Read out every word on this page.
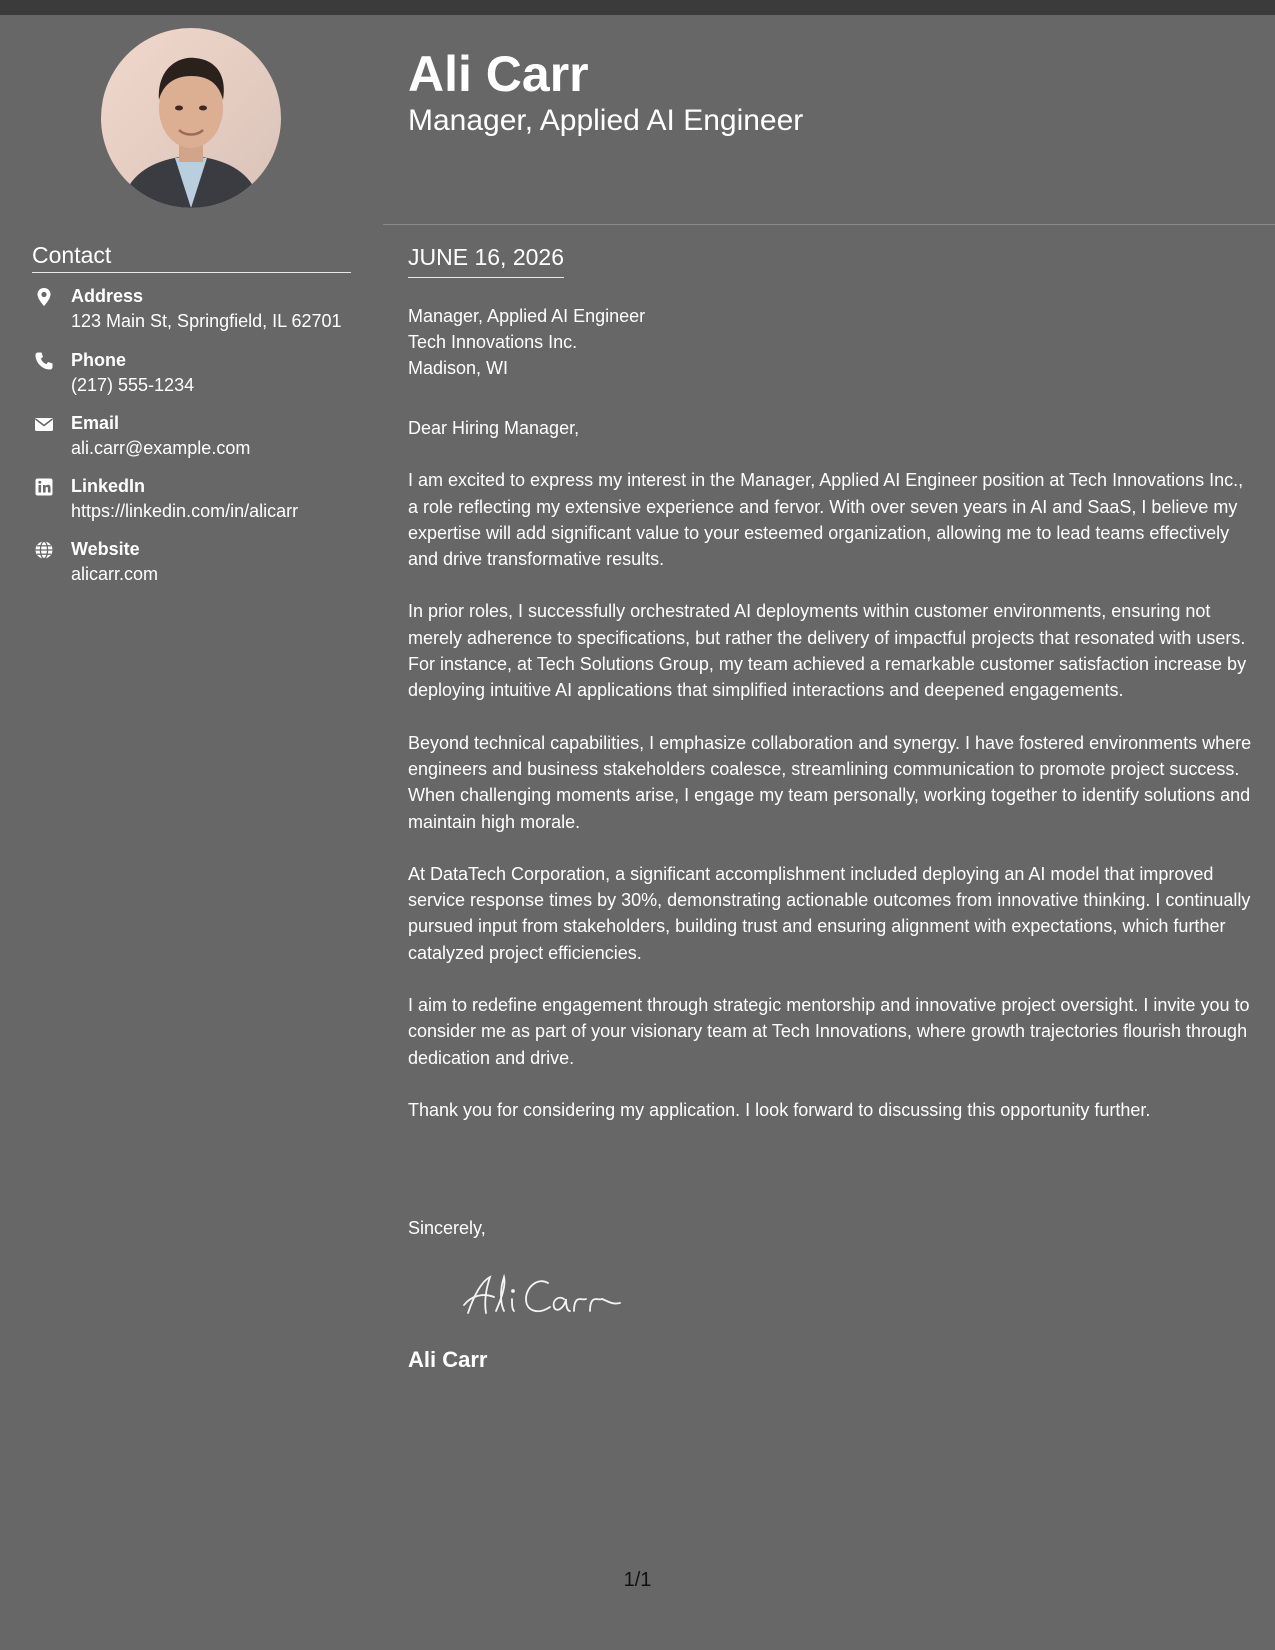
Contact
Address
123 Main St, Springfield, IL 62701
Phone
(217) 555-1234
Email
ali.carr@example.com
LinkedIn
https://linkedin.com/in/alicarr
Website
alicarr.com
Ali Carr
Manager, Applied AI Engineer
JUNE 16, 2026
Manager, Applied AI Engineer
Tech Innovations Inc.
Madison, WI
Dear Hiring Manager,

I am excited to express my interest in the Manager, Applied AI Engineer position at Tech Innovations Inc., a role reflecting my extensive experience and fervor. With over seven years in AI and SaaS, I believe my expertise will add significant value to your esteemed organization, allowing me to lead teams effectively and drive transformative results.

In prior roles, I successfully orchestrated AI deployments within customer environments, ensuring not merely adherence to specifications, but rather the delivery of impactful projects that resonated with users. For instance, at Tech Solutions Group, my team achieved a remarkable customer satisfaction increase by deploying intuitive AI applications that simplified interactions and deepened engagements.

Beyond technical capabilities, I emphasize collaboration and synergy. I have fostered environments where engineers and business stakeholders coalesce, streamlining communication to promote project success. When challenging moments arise, I engage my team personally, working together to identify solutions and maintain high morale.

At DataTech Corporation, a significant accomplishment included deploying an AI model that improved service response times by 30%, demonstrating actionable outcomes from innovative thinking. I continually pursued input from stakeholders, building trust and ensuring alignment with expectations, which further catalyzed project efficiencies.

I aim to redefine engagement through strategic mentorship and innovative project oversight. I invite you to consider me as part of your visionary team at Tech Innovations, where growth trajectories flourish through dedication and drive.

Thank you for considering my application. I look forward to discussing this opportunity further.

Sincerely,
Ali Carr
1/1
